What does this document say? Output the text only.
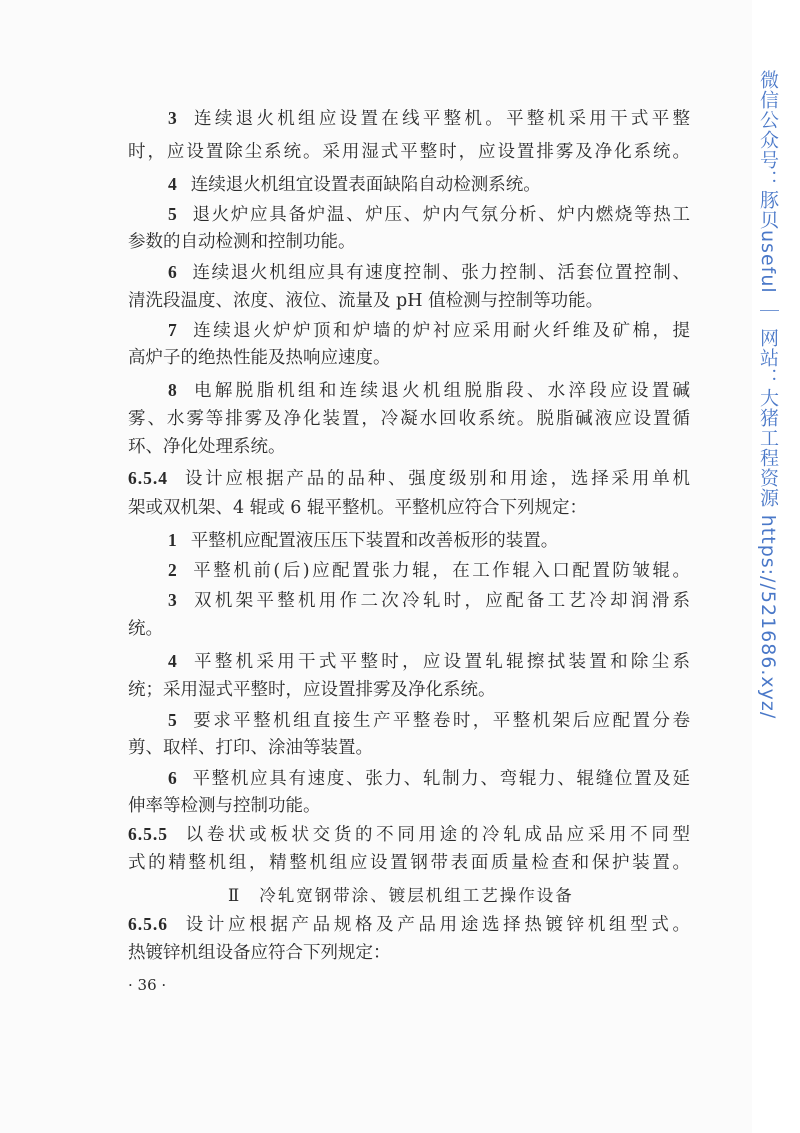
3 连续退火机组应设置在线平整机。平整机采用干式平整
时，应设置除尘系统。采用湿式平整时，应设置排雾及净化系统。
4 连续退火机组宜设置表面缺陷自动检测系统。
5 退火炉应具备炉温、炉压、炉内气氛分析、炉内燃烧等热工
参数的自动检测和控制功能。
6 连续退火机组应具有速度控制、张力控制、活套位置控制、
清洗段温度、浓度、液位、流量及 pH 值检测与控制等功能。
7 连续退火炉炉顶和炉墙的炉衬应采用耐火纤维及矿棉，提
高炉子的绝热性能及热响应速度。
8 电解脱脂机组和连续退火机组脱脂段、水淬段应设置碱
雾、水雾等排雾及净化装置，冷凝水回收系统。脱脂碱液应设置循
环、净化处理系统。
6.5.4 设计应根据产品的品种、强度级别和用途，选择采用单机
架或双机架、4 辊或 6 辊平整机。平整机应符合下列规定：
1 平整机应配置液压压下装置和改善板形的装置。
2 平整机前(后)应配置张力辊，在工作辊入口配置防皱辊。
3 双机架平整机用作二次冷轧时，应配备工艺冷却润滑系
统。
4 平整机采用干式平整时，应设置轧辊擦拭装置和除尘系
统；采用湿式平整时，应设置排雾及净化系统。
5 要求平整机组直接生产平整卷时，平整机架后应配置分卷
剪、取样、打印、涂油等装置。
6 平整机应具有速度、张力、轧制力、弯辊力、辊缝位置及延
伸率等检测与控制功能。
6.5.5 以卷状或板状交货的不同用途的冷轧成品应采用不同型
式的精整机组，精整机组应设置钢带表面质量检查和保护装置。
Ⅱ 冷轧宽钢带涂、镀层机组工艺操作设备
6.5.6 设计应根据产品规格及产品用途选择热镀锌机组型式。
热镀锌机组设备应符合下列规定：
· 36 ·
微信公众号：豚贝useful ｜ 网站：大猪工程资源 https://521686.xyz/
